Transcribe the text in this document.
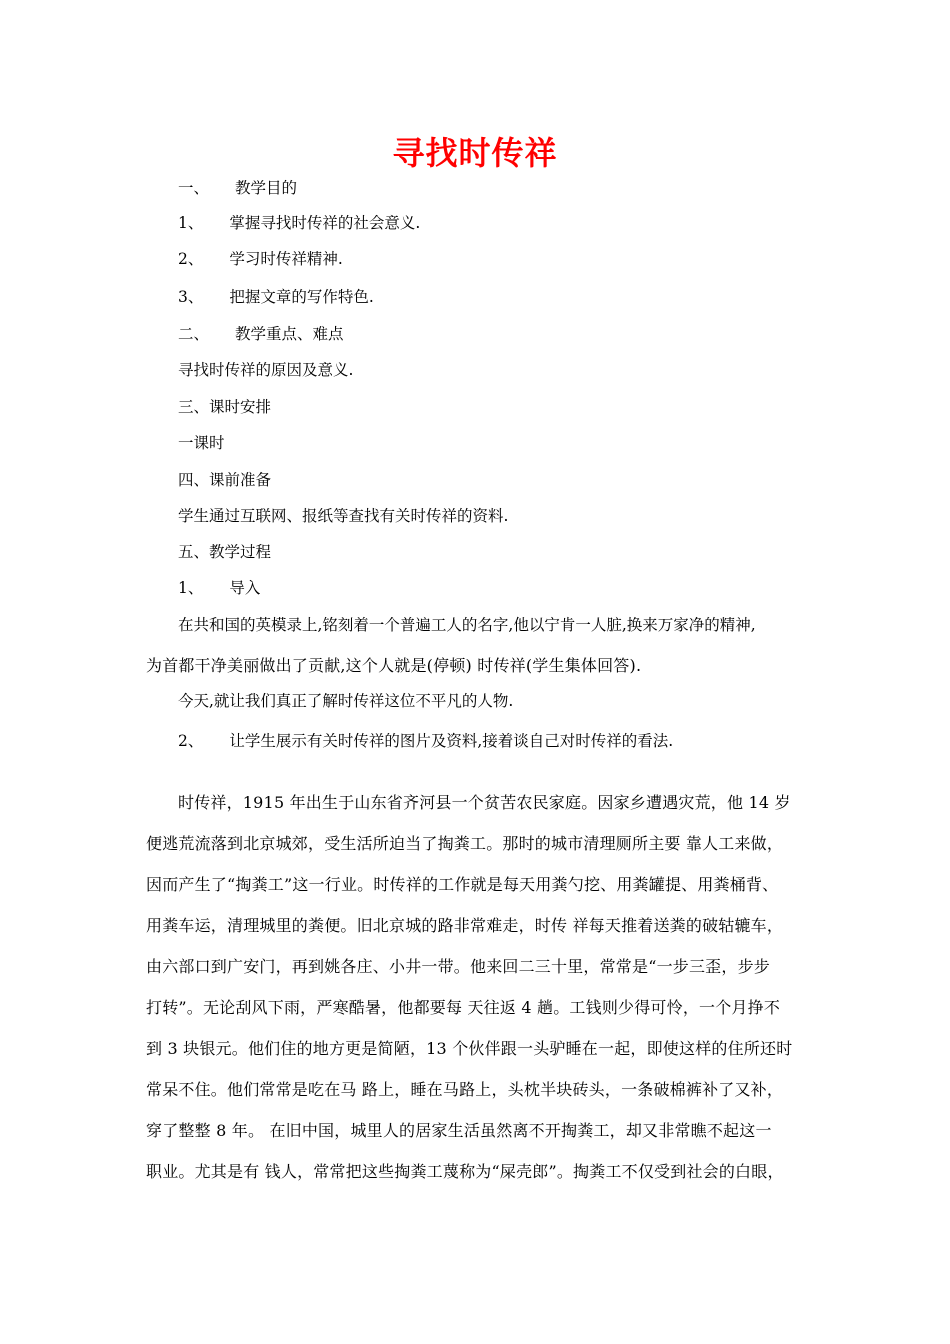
寻找时传祥
一、 教学目的
1、 掌握寻找时传祥的社会意义.
2、 学习时传祥精神.
3、 把握文章的写作特色.
二、 教学重点、难点
寻找时传祥的原因及意义.
三、课时安排
一课时
四、课前准备
学生通过互联网、报纸等查找有关时传祥的资料.
五、教学过程
1、 导入
在共和国的英模录上,铭刻着一个普遍工人的名字,他以宁肯一人脏,换来万家净的精神,
为首都干净美丽做出了贡献,这个人就是(停顿) 时传祥(学生集体回答).
今天,就让我们真正了解时传祥这位不平凡的人物.
2、 让学生展示有关时传祥的图片及资料,接着谈自己对时传祥的看法.
时传祥，1915 年出生于山东省齐河县一个贫苦农民家庭。因家乡遭遇灾荒，他 14 岁
便逃荒流落到北京城郊，受生活所迫当了掏粪工。那时的城市清理厕所主要 靠人工来做，
因而产生了“掏粪工”这一行业。时传祥的工作就是每天用粪勺挖、用粪罐提、用粪桶背、
用粪车运，清理城里的粪便。旧北京城的路非常难走，时传 祥每天推着送粪的破轱辘车，
由六部口到广安门，再到姚各庄、小井一带。他来回二三十里，常常是“一步三歪，步步
打转”。无论刮风下雨，严寒酷暑，他都要每 天往返 4 趟。工钱则少得可怜，一个月挣不
到 3 块银元。他们住的地方更是简陋，13 个伙伴跟一头驴睡在一起，即使这样的住所还时
常呆不住。他们常常是吃在马 路上，睡在马路上，头枕半块砖头，一条破棉裤补了又补，
穿了整整 8 年。 在旧中国，城里人的居家生活虽然离不开掏粪工，却又非常瞧不起这一
职业。尤其是有 钱人，常常把这些掏粪工蔑称为“屎壳郎”。掏粪工不仅受到社会的白眼，
